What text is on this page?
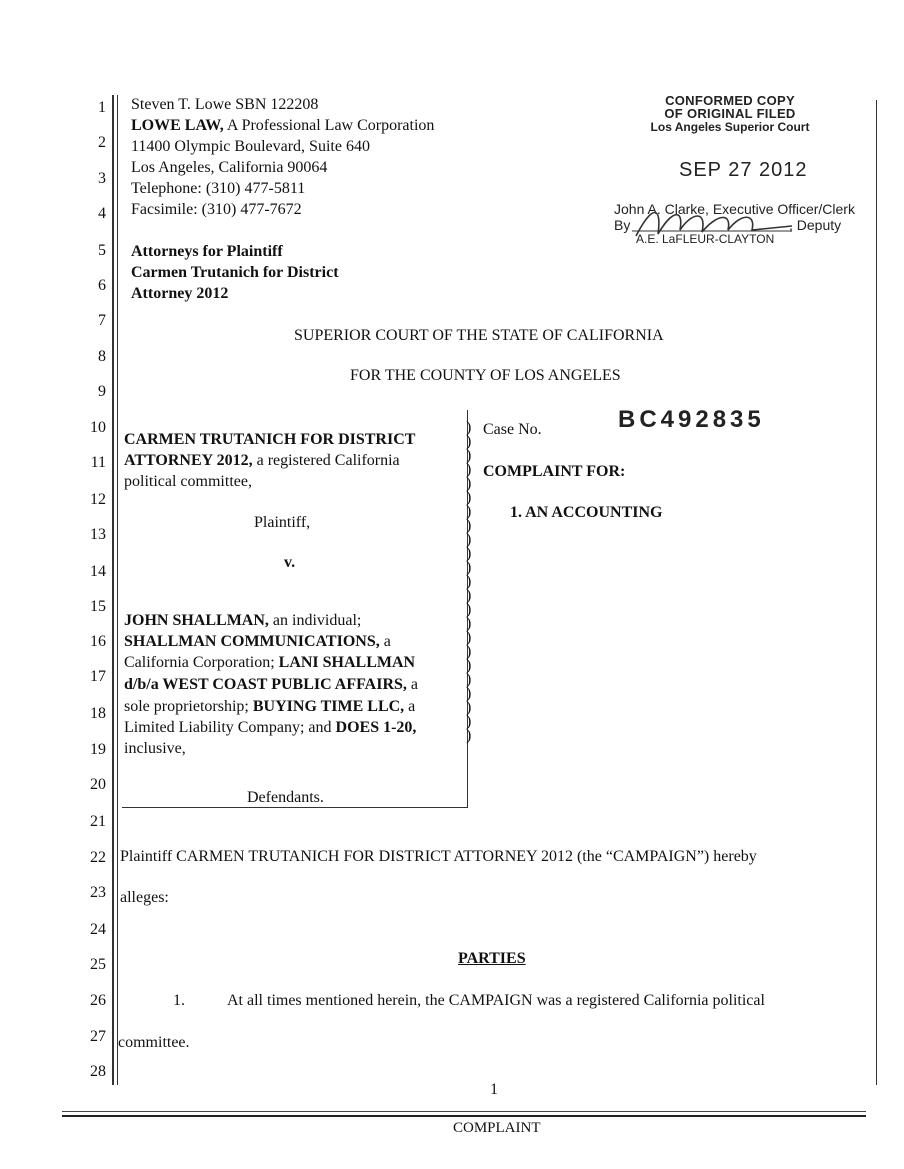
1
2
3
4
5
6
7
8
9
10
11
12
13
14
15
16
17
18
19
20
21
22
23
24
25
26
27
28
Steven T. Lowe SBN 122208
LOWE LAW, A Professional Law Corporation
11400 Olympic Boulevard, Suite 640
Los Angeles, California 90064
Telephone: (310) 477-5811
Facsimile: (310) 477-7672
Attorneys for Plaintiff
Carmen Trutanich for District
Attorney 2012
CONFORMED COPY
OF ORIGINAL FILED
Los Angeles Superior Court
SEP 27 2012
John A. Clarke, Executive Officer/Clerk
By	, Deputy
A.E. LaFLEUR-CLAYTON
SUPERIOR COURT OF THE STATE OF CALIFORNIA
FOR THE COUNTY OF LOS ANGELES
CARMEN TRUTANICH FOR DISTRICT
ATTORNEY 2012, a registered California
political committee,
Plaintiff,
v.
JOHN SHALLMAN, an individual;
SHALLMAN COMMUNICATIONS, a
California Corporation; LANI SHALLMAN
d/b/a WEST COAST PUBLIC AFFAIRS, a
sole proprietorship; BUYING TIME LLC, a
Limited Liability Company; and DOES 1-20,
inclusive,
Defendants.
)
)
)
)
)
)
)
)
)
)
)
)
)
)
)
)
)
)
)
)
)
)
)
Case No.	BC492835
COMPLAINT FOR:
1. AN ACCOUNTING
Plaintiff CARMEN TRUTANICH FOR DISTRICT ATTORNEY 2012 (the “CAMPAIGN”) hereby
alleges:
PARTIES
1.	At all times mentioned herein, the CAMPAIGN was a registered California political
committee.
1
COMPLAINT
